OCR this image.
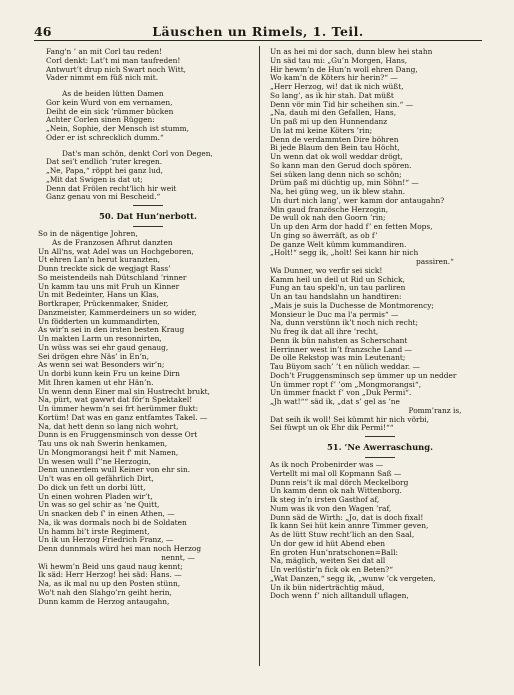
46	Läuschen un Rimels, 1. Teil.
Fang'n ’ an mit Corl tau reden!
Corl denkt: Lat’t mi man taufreden!
Antwurt’t drup nich Swart noch Witt,
Vader nimmt em füß nich mit.
As de beiden lütten Damen
Gor kein Wurd von em vernamen,
Deiht de ein sick ’rümmer bücken
Achter Corlen sinen Rüggen:
„Nein, Sophie, der Mensch ist stumm,
Oder er ist schrecklich dumm.“
Dat's man schön, denkt Corl von Degen,
Dat sei’t endlich ’ruter kregen.
„Ne, Papa,“ röppt hei ganz lud,
„Mit dat Swigen is dat ut;
Denn dat Frölen recht'lich hir weit
Ganz genau von mi Bescheid.“
50. Dat Hun’nerbott.
So in de nägentige Johren,
As de Franzosen Afhrut danzten
Un All'ns, wat Adel was un Hochgeboren,
Ut ehren Lan'n herut kuranzten,
Dunn treckte sick de wegjagt Rass’
So meistendeils nah Dütschland ’rinner
Un kamm tau uns mit Fruh un Kinner
Un mit Bedeinter, Hans un Klas,
Bortkraper, Prückenmaker, Snider,
Danzmeister, Kammerdeiners un so wider,
Un födderten un kummandirten,
As wir’n sei in den irsten besten Kraug
Un makten Larm un resonnirten,
Un wüss was sei ehr gaud genaug,
Sei drögen ehre Näs’ in En’n,
As wenn sei wat Besonders wir’n;
Un dorbi kunn kein Fru un keine Dirn
Mit Ihren kamen ut ehr Hän’n.
Un wenn denn Einer mal sin Hustrecht brukt,
Na, pürt, wat gawwt dat för’n Spektakel!
Un ümmer hewm’n sei frt herümmer flukt:
Kortüm! Dat was en ganz entfamtes Takel. —
Na, dat hett denn so lang nich wohrt,
Dunn is en Fruggensminsch von desse Ort
Tau uns ok nah Swerin henkamen,
Un Mongmorangsi heit f' mit Namen,
Un wesen wull ſ'’ne Herzogin,
Denn unnerdem wull Keiner von ehr sin.
Un't was en oll gefährlich Dirt,
Do dick un fett un dorbi lütt,
Un einen wohren Pladen wir’t,
Un was so gel schir as ’ne Quitt,
Un snacken deb ſ’ in einen Athen, —
Na, ik was dormals noch bi de Soldaten
Un hamm bi’t irste Regiment,
Un ik un Herzog Friedrich Franz, —
Denn dunnmals würd hei man noch Herzog
nennt, —
Wi hewm’n Beid uns gaud naug kennt;
Ik säd: Herr Herzog! hei säd: Hans. —
Na, as ik mal nu up den Posten stünn,
Wo't nah den Slahgo’rn geiht herin,
Dunn kamm de Herzog antaugahn,
Un as hei mi dor sach, dunn blew hei stahn
Un säd tau mi: „Gu’n Morgen, Hans,
Hir hewm’n de Hun’n woll ehren Dang,
Wo kam’n de Köters hir herin?“ —
„Herr Herzog, wi! dat ik nich wüßt,
So lang’, as ik hir stah. Dat müßt
Denn vör min Tid hir scheihen sin.“ —
„Na, dauh mi den Gefallen, Hans,
Un paß mi up den Hunnendanz
Un lat mi keine Köters ’rin;
Denn de verdammten Dire böhren
Bi jede Blaum den Bein tau Höcht,
Un wenn dat ok woll weddar drögt,
So kann man den Gerud doch spören.
Sei süken lang denn nich so schön;
Drüm paß mi düchtig up, min Söhn!“ —
Na, hei güng weg, un ik blew stahn.
Un durt nich lang’, wer kamm dor antaugahn?
Min gaud französche Herzogin,
De wull ok nah den Goorn ’rin;
Un up den Arm dor hadd f’ en fetten Mops,
Un ging so äwerräſt, as ob f’
De ganze Welt kümm kummandiren.
„Holt!“ segg ik, „holt! Sei kann hir nich
passiren.“
Wa Dunner, wo verfir sei sick!
Kamm heil un deil ut Rid un Schick,
Fung an tau spekl'n, un tau parliren
Un an tau handslahn un handtiren:
„Mais je suis la Duchesse de Montmorency;
Monsieur le Duc ma l'a permis“ —
Na, dunn verstünn ik’t noch nich recht;
Nu freg ik dat all ihre ’recht,
Denn ik bün nahsten as Scherschant
Herrinner west in’t franzsche Land —
De olle Rekstop was min Leutenant;
Tau Büyom sach’ ’t en nülich weddar. —
Doch’t Fruggensminsch sep ümmer up un nedder
Un ümmer ropt f’ ’om „Mongmorangsi“,
Un ümmer fnackt f’ von „Duk Permi“.
„Jh wat!““ säd ik, „dat s’ gel as ’ne
Pomm’ranz is,
Dat seih ik woll! Sei kümmt hir nich vörbi,
Sei füwpt un ok Ehr dik Permi!““
51. ’Ne Awerraschung.
As ik noch Probenirder was —
Vertellt mi mal oll Kopmann Saß —
Dunn reis’t ik mal dörch Meckelborg
Un kamm denn ok nah Wittenborg.
Ik steg in’n irsten Gasthof af,
Num was ik von den Wagen ’raf,
Dunn säd de Wirth: „Jo, dat is doch fixal!
Ik kann Sei hüt kein annre Timmer geven,
As de lütt Stuw recht’lich an den Saal,
Un dor gew id hüt Abend eben
En groten Hun’nratschonen=Ball:
Na, mäglich, weiten Sei dat all
Un verlüstir’n fick ok en Beten?“
„Wat Danzen,“ segg ik, „wunw ’ck vergeten,
Un ik bün niderträchtig mäud,
Doch wenn f’ nich alltandull uflagen,
